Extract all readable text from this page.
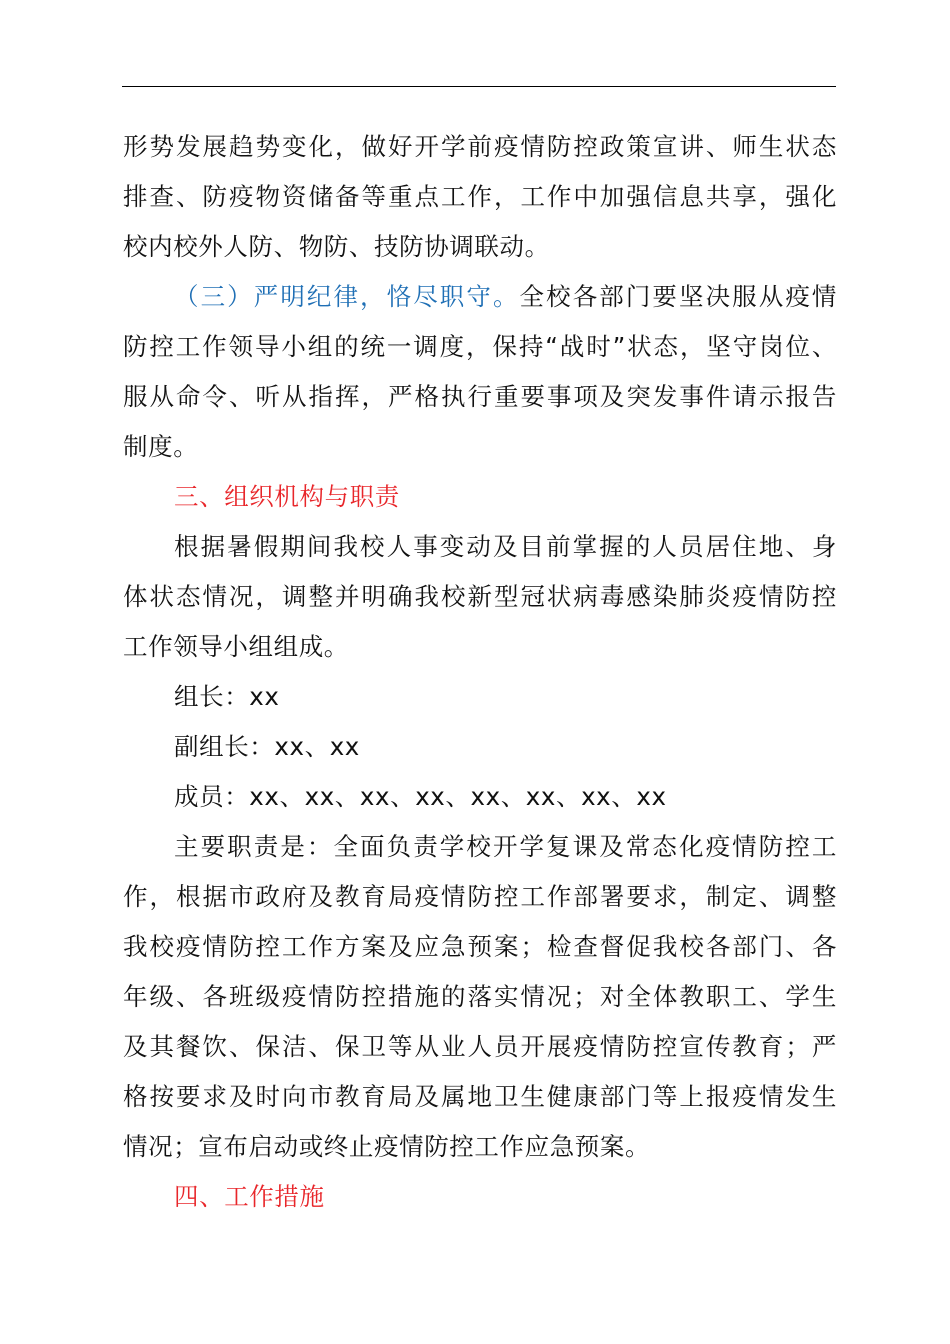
形势发展趋势变化，做好开学前疫情防控政策宣讲、师生状态
排查、防疫物资储备等重点工作，工作中加强信息共享，强化
校内校外人防、物防、技防协调联动。

（三）严明纪律，恪尽职守。全校各部门要坚决服从疫情
防控工作领导小组的统一调度，保持“战时”状态，坚守岗位、
服从命令、听从指挥，严格执行重要事项及突发事件请示报告
制度。

三、组织机构与职责

根据暑假期间我校人事变动及目前掌握的人员居住地、身
体状态情况，调整并明确我校新型冠状病毒感染肺炎疫情防控
工作领导小组组成。

组长：xx

副组长：xx、xx

成员：xx、xx、xx、xx、xx、xx、xx、xx

主要职责是：全面负责学校开学复课及常态化疫情防控工
作，根据市政府及教育局疫情防控工作部署要求，制定、调整
我校疫情防控工作方案及应急预案；检查督促我校各部门、各
年级、各班级疫情防控措施的落实情况；对全体教职工、学生
及其餐饮、保洁、保卫等从业人员开展疫情防控宣传教育；严
格按要求及时向市教育局及属地卫生健康部门等上报疫情发生
情况；宣布启动或终止疫情防控工作应急预案。

四、工作措施
